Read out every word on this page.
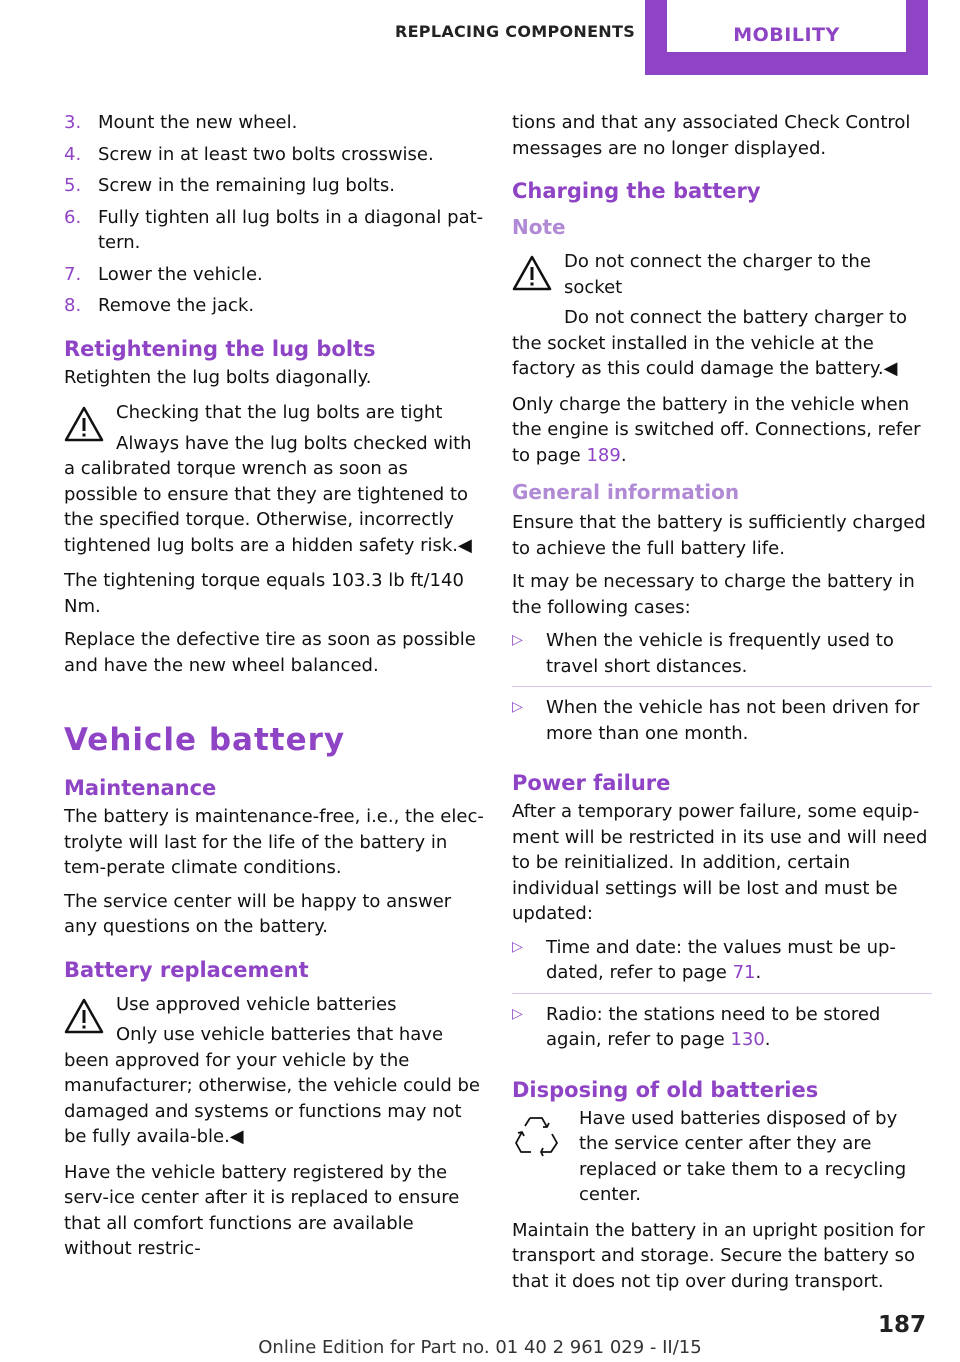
REPLACING COMPONENTS	MOBILITY
3. Mount the new wheel.
4. Screw in at least two bolts crosswise.
5. Screw in the remaining lug bolts.
6. Fully tighten all lug bolts in a diagonal pat‐tern.
7. Lower the vehicle.
8. Remove the jack.
Retightening the lug bolts

Retighten the lug bolts diagonally.

Checking that the lug bolts are tight
Always have the lug bolts checked with a calibrated torque wrench as soon as possible to ensure that they are tightened to the specified torque. Otherwise, incorrectly tightened lug bolts are a hidden safety risk.◀

The tightening torque equals 103.3 lb ft/140 Nm.

Replace the defective tire as soon as possible and have the new wheel balanced.

Vehicle battery
Maintenance

The battery is maintenance-free, i.e., the elec‐trolyte will last for the life of the battery in tem‐perate climate conditions.

The service center will be happy to answer any questions on the battery.

Battery replacement
Use approved vehicle batteries
Only use vehicle batteries that have been approved for your vehicle by the manufacturer; otherwise, the vehicle could be damaged and systems or functions may not be fully availa‐ble.◀

Have the vehicle battery registered by the serv‐ice center after it is replaced to ensure that all comfort functions are available without restric‐

tions and that any associated Check Control messages are no longer displayed.

Charging the battery
Note
Do not connect the charger to the socket
Do not connect the battery charger to the socket installed in the vehicle at the factory as this could damage the battery.◀

Only charge the battery in the vehicle when the engine is switched off. Connections, refer to page 189.

General information

Ensure that the battery is sufficiently charged to achieve the full battery life.

It may be necessary to charge the battery in the following cases:

▷ When the vehicle is frequently used to travel short distances.
▷ When the vehicle has not been driven for more than one month.
Power failure

After a temporary power failure, some equip‐ment will be restricted in its use and will need to be reinitialized. In addition, certain individual settings will be lost and must be updated:

▷ Time and date: the values must be up‐dated, refer to page 71.
▷ Radio: the stations need to be stored again, refer to page 130.
Disposing of old batteries
Have used batteries disposed of by the service center after they are replaced or take them to a recycling center.

Maintain the battery in an upright position for transport and storage. Secure the battery so that it does not tip over during transport.

187
Online Edition for Part no. 01 40 2 961 029 - II/15
